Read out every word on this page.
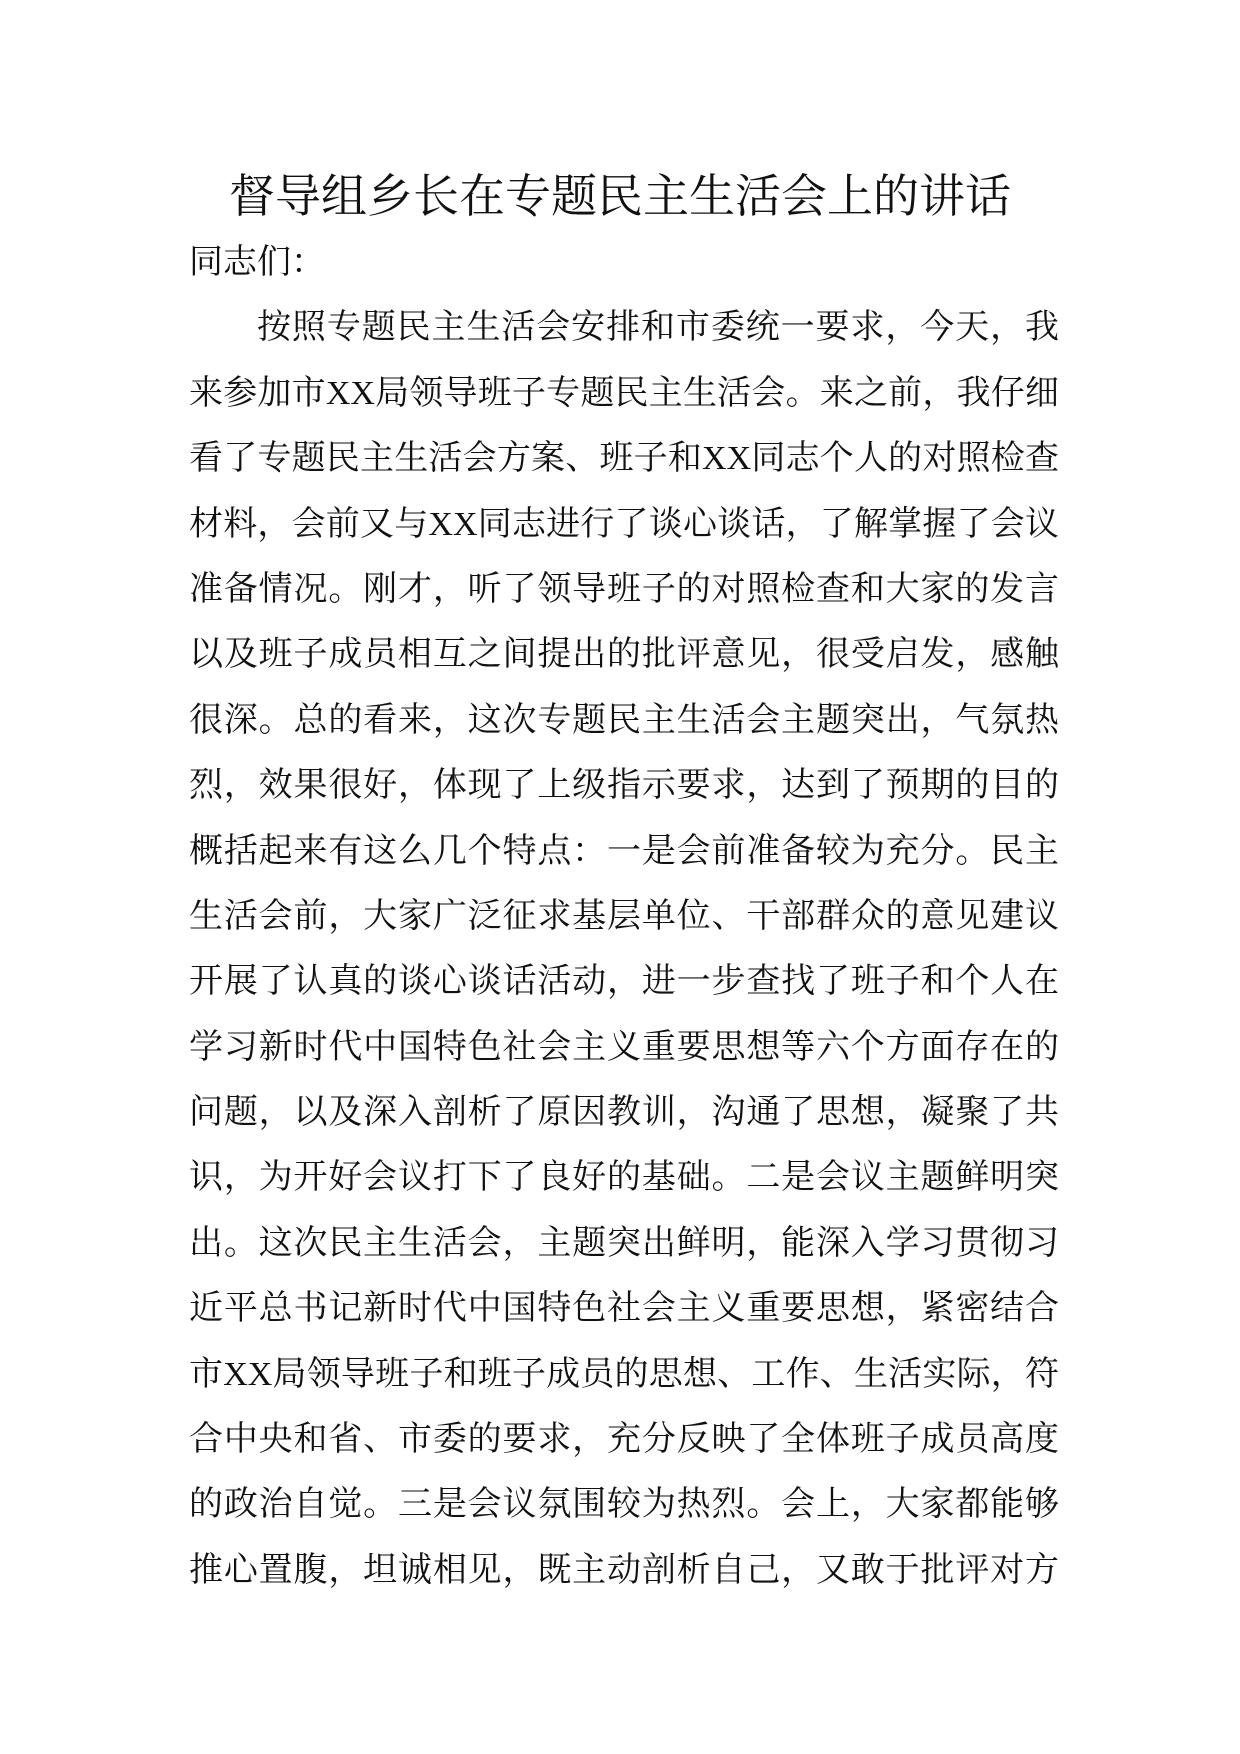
督导组乡长在专题民主生活会上的讲话
同志们：
按照专题民主生活会安排和市委统一要求，今天，我
来参加市XX局领导班子专题民主生活会。来之前，我仔细
看了专题民主生活会方案、班子和XX同志个人的对照检查
材料，会前又与XX同志进行了谈心谈话，了解掌握了会议
准备情况。刚才，听了领导班子的对照检查和大家的发言
以及班子成员相互之间提出的批评意见，很受启发，感触
很深。总的看来，这次专题民主生活会主题突出，气氛热
烈，效果很好，体现了上级指示要求，达到了预期的目的
概括起来有这么几个特点：一是会前准备较为充分。民主
生活会前，大家广泛征求基层单位、干部群众的意见建议
开展了认真的谈心谈话活动，进一步查找了班子和个人在
学习新时代中国特色社会主义重要思想等六个方面存在的
问题，以及深入剖析了原因教训，沟通了思想，凝聚了共
识，为开好会议打下了良好的基础。二是会议主题鲜明突
出。这次民主生活会，主题突出鲜明，能深入学习贯彻习
近平总书记新时代中国特色社会主义重要思想，紧密结合
市XX局领导班子和班子成员的思想、工作、生活实际，符
合中央和省、市委的要求，充分反映了全体班子成员高度
的政治自觉。三是会议氛围较为热烈。会上，大家都能够
推心置腹，坦诚相见，既主动剖析自己，又敢于批评对方
